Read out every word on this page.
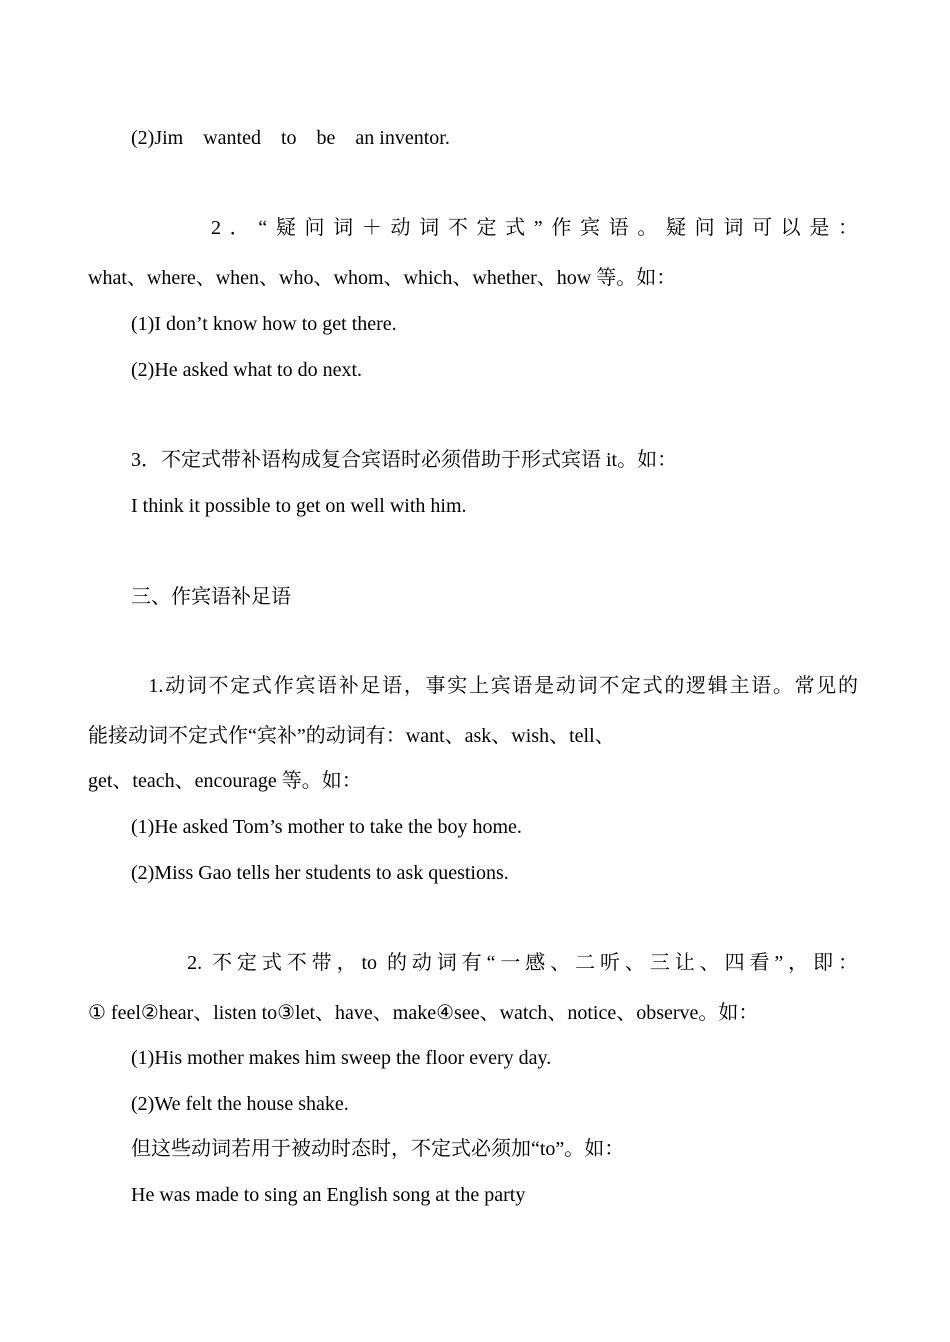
(2)Jim    wanted    to    be    an inventor.
2．“疑问词＋动词不定式”作宾语。疑问词可以是：
what、where、when、who、whom、which、whether、how 等。如：
(1)I don’t know how to get there.
(2)He asked what to do next.
3．不定式带补语构成复合宾语时必须借助于形式宾语 it。如：
I think it possible to get on well with him.
三、作宾语补足语
1.动词不定式作宾语补足语，事实上宾语是动词不定式的逻辑主语。常见的
能接动词不定式作“宾补”的动词有：want、ask、wish、tell、
get、teach、encourage 等。如：
(1)He asked Tom’s mother to take the boy home.
(2)Miss Gao tells her students to ask questions.
2. 不定式不带，to 的动词有“一感、二听、三让、四看”，即：
① feel②hear、listen to③let、have、make④see、watch、notice、observe。如：
(1)His mother makes him sweep the floor every day.
(2)We felt the house shake.
但这些动词若用于被动时态时，不定式必须加“to”。如：
He was made to sing an English song at the party
